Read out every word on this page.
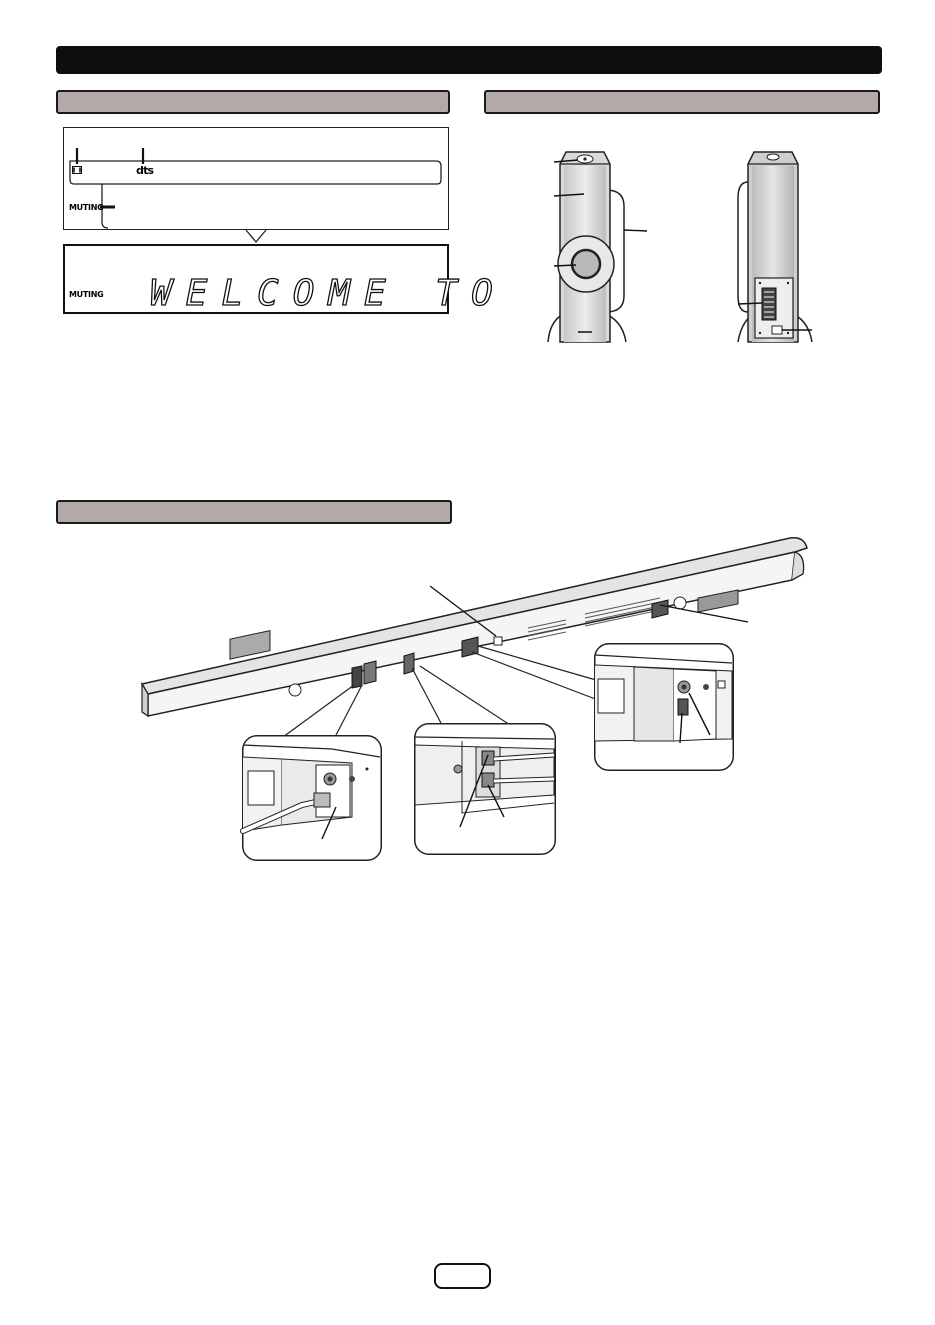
dts
MUTING
MUTING WELCOME TO
